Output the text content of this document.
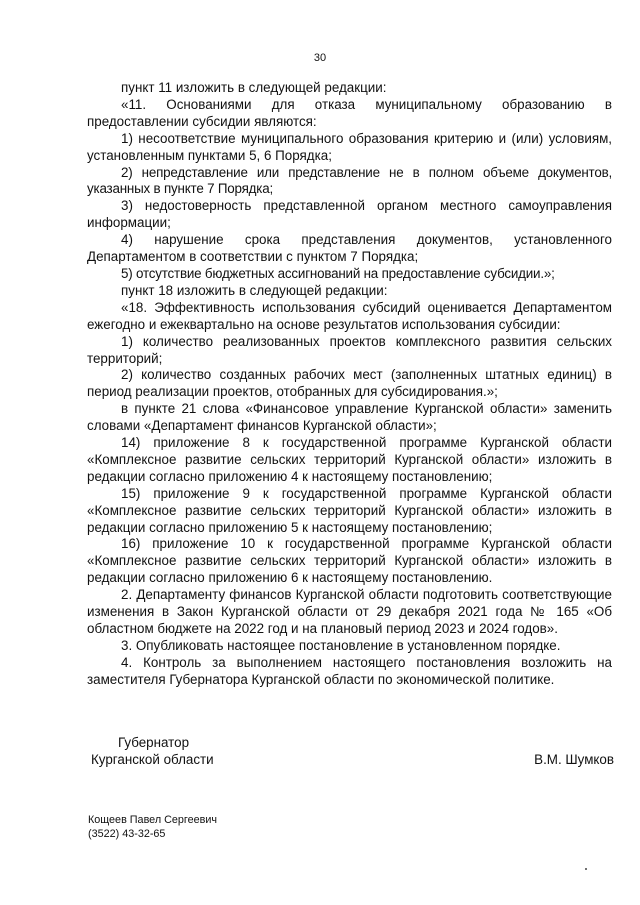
30

пункт 11 изложить в следующей редакции:

«11. Основаниями для отказа муниципальному образованию в предоставлении субсидии являются:

1) несоответствие муниципального образования критерию и (или) условиям, установленным пунктами 5, 6 Порядка;

2) непредставление или представление не в полном объеме документов, указанных в пункте 7 Порядка;

3) недостоверность представленной органом местного самоуправления информации;

4) нарушение срока представления документов, установленного Департаментом в соответствии с пунктом 7 Порядка;

5) отсутствие бюджетных ассигнований на предоставление субсидии.»;

пункт 18 изложить в следующей редакции:

«18. Эффективность использования субсидий оценивается Департаментом ежегодно и ежеквартально на основе результатов использования субсидии:

1) количество реализованных проектов комплексного развития сельских территорий;

2) количество созданных рабочих мест (заполненных штатных единиц) в период реализации проектов, отобранных для субсидирования.»;

в пункте 21 слова «Финансовое управление Курганской области» заменить словами «Департамент финансов Курганской области»;

14) приложение 8 к государственной программе Курганской области «Комплексное развитие сельских территорий Курганской области» изложить в редакции согласно приложению 4 к настоящему постановлению;

15) приложение 9 к государственной программе Курганской области «Комплексное развитие сельских территорий Курганской области» изложить в редакции согласно приложению 5 к настоящему постановлению;

16) приложение 10 к государственной программе Курганской области «Комплексное развитие сельских территорий Курганской области» изложить в редакции согласно приложению 6 к настоящему постановлению.

2. Департаменту финансов Курганской области подготовить соответствующие изменения в Закон Курганской области от 29 декабря 2021 года № 165 «Об областном бюджете на 2022 год и на плановый период 2023 и 2024 годов».

3. Опубликовать настоящее постановление в установленном порядке.

4. Контроль за выполнением настоящего постановления возложить на заместителя Губернатора Курганской области по экономической политике.

Губернатор
Курганской области	В.М. Шумков
Кощеев Павел Сергеевич
(3522) 43-32-65
